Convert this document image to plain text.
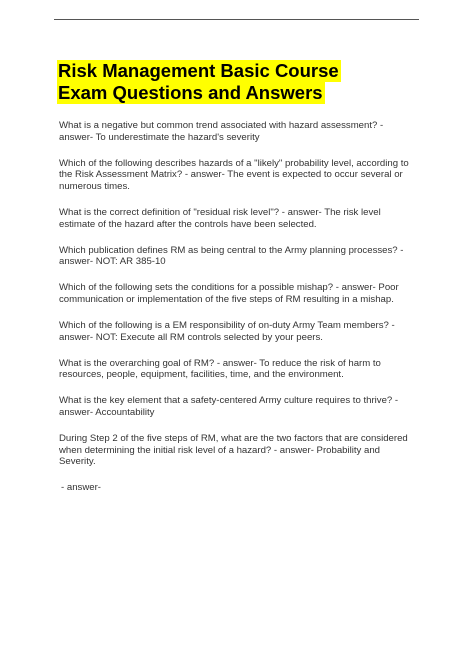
Risk Management Basic Course
Exam Questions and Answers
What is a negative but common trend associated with hazard assessment? - answer- To underestimate the hazard's severity
Which of the following describes hazards of a "likely" probability level, according to the Risk Assessment Matrix? - answer- The event is expected to occur several or numerous times.
What is the correct definition of "residual risk level"? - answer- The risk level estimate of the hazard after the controls have been selected.
Which publication defines RM as being central to the Army planning processes? - answer- NOT: AR 385-10
Which of the following sets the conditions for a possible mishap? - answer- Poor communication or implementation of the five steps of RM resulting in a mishap.
Which of the following is a EM responsibility of on-duty Army Team members? - answer- NOT: Execute all RM controls selected by your peers.
What is the overarching goal of RM? - answer- To reduce the risk of harm to resources, people, equipment, facilities, time, and the environment.
What is the key element that a safety-centered Army culture requires to thrive? - answer- Accountability
During Step 2 of the five steps of RM, what are the two factors that are considered when determining the initial risk level of a hazard? - answer- Probability and Severity.
- answer-
